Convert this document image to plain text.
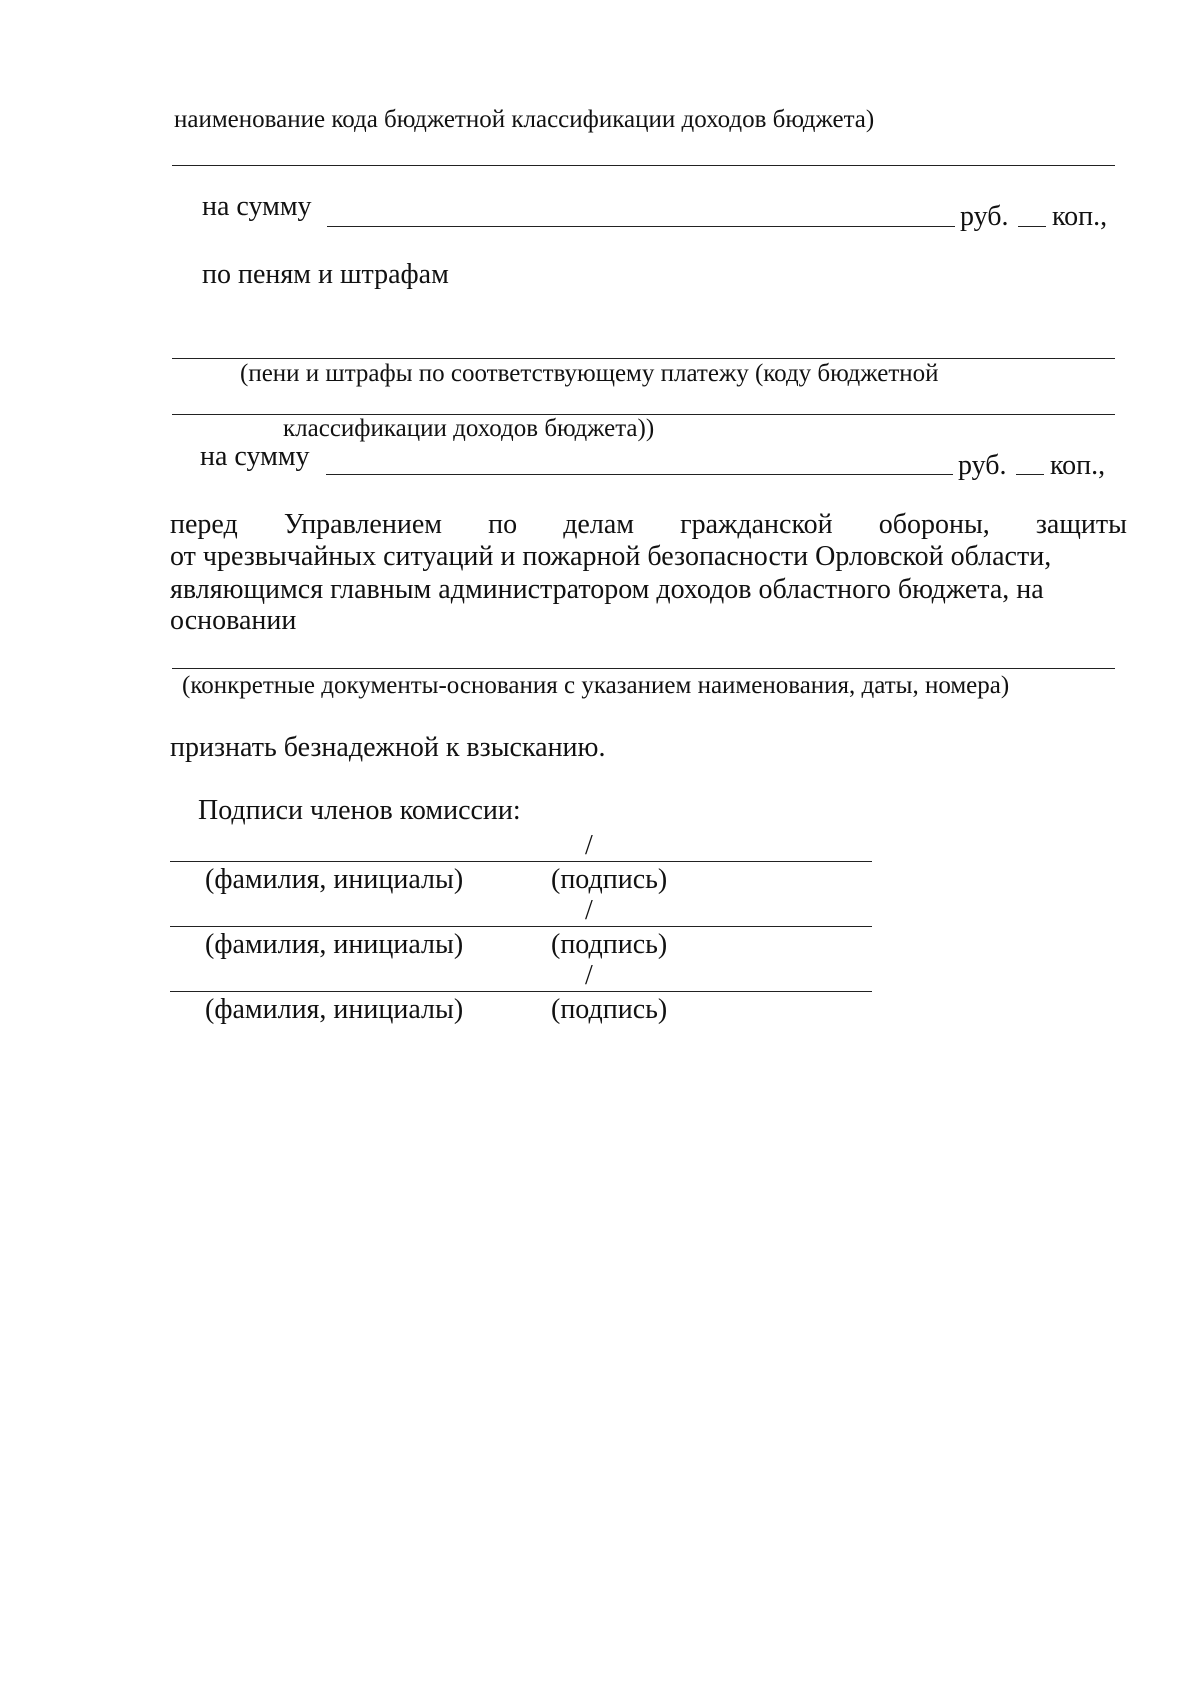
наименование кода бюджетной классификации доходов бюджета)
на сумму	руб. коп.,
по пеням и штрафам
(пени и штрафы по соответствующему платежу (коду бюджетной
классификации доходов бюджета))
на сумму	руб. коп.,
перед Управлением по делам гражданской обороны, защиты
от чрезвычайных ситуаций и пожарной безопасности Орловской области,
являющимся главным администратором доходов областного бюджета, на
основании
(конкретные документы-основания с указанием наименования, даты, номера)
признать безнадежной к взысканию.
Подписи членов комиссии:
/
(фамилия, инициалы)	(подпись)
/
(фамилия, инициалы)	(подпись)
/
(фамилия, инициалы)	(подпись)
